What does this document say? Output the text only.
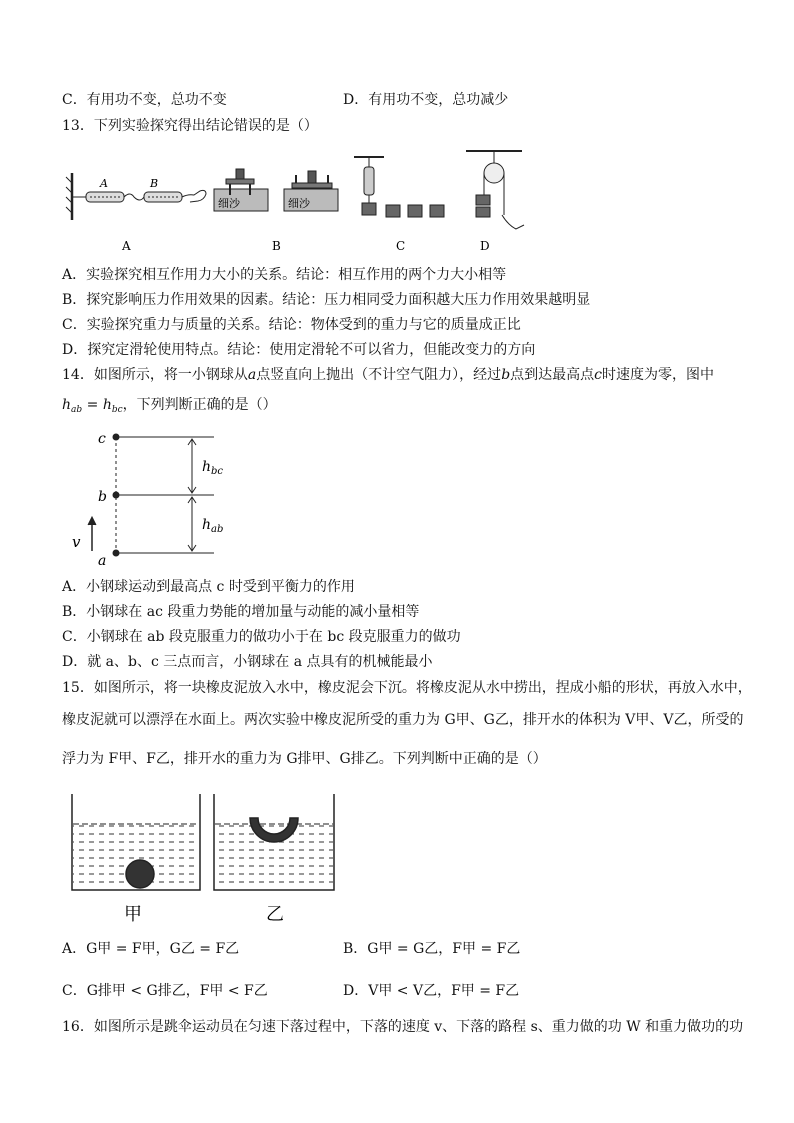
C．有用功不变，总功不变	D．有用功不变，总功减少
13．下列实验探究得出结论错误的是（）
A	B
A
细沙	细沙
B	C	D
A．实验探究相互作用力大小的关系。结论：相互作用的两个力大小相等
B．探究影响压力作用效果的因素。结论：压力相同受力面积越大压力作用效果越明显
C．实验探究重力与质量的关系。结论：物体受到的重力与它的质量成正比
D．探究定滑轮使用特点。结论：使用定滑轮不可以省力，但能改变力的方向
14．如图所示，将一小钢球从a点竖直向上抛出（不计空气阻力），经过b点到达最高点c时速度为零，图中
$h_{ab} = h_{bc}$，下列判断正确的是（）
c
b
a
v
$h_{bc}$
$h_{ab}$
A．小钢球运动到最高点 c 时受到平衡力的作用
B．小钢球在 ac 段重力势能的增加量与动能的减小量相等
C．小钢球在 ab 段克服重力的做功小于在 bc 段克服重力的做功
D．就 a、b、c 三点而言，小钢球在 a 点具有的机械能最小
15．如图所示，将一块橡皮泥放入水中，橡皮泥会下沉。将橡皮泥从水中捞出，捏成小船的形状，再放入水中，
橡皮泥就可以漂浮在水面上。两次实验中橡皮泥所受的重力为 G甲、G乙，排开水的体积为 V甲、V乙，所受的
浮力为 F甲、F乙，排开水的重力为 G排甲、G排乙。下列判断中正确的是（）
甲	乙
A．G甲 = F甲，G乙 = F乙	B．G甲 = G乙，F甲 = F乙
C．G排甲 < G排乙，F甲 < F乙	D．V甲 < V乙，F甲 = F乙
16．如图所示是跳伞运动员在匀速下落过程中，下落的速度 v、下落的路程 s、重力做的功 W 和重力做功的功
